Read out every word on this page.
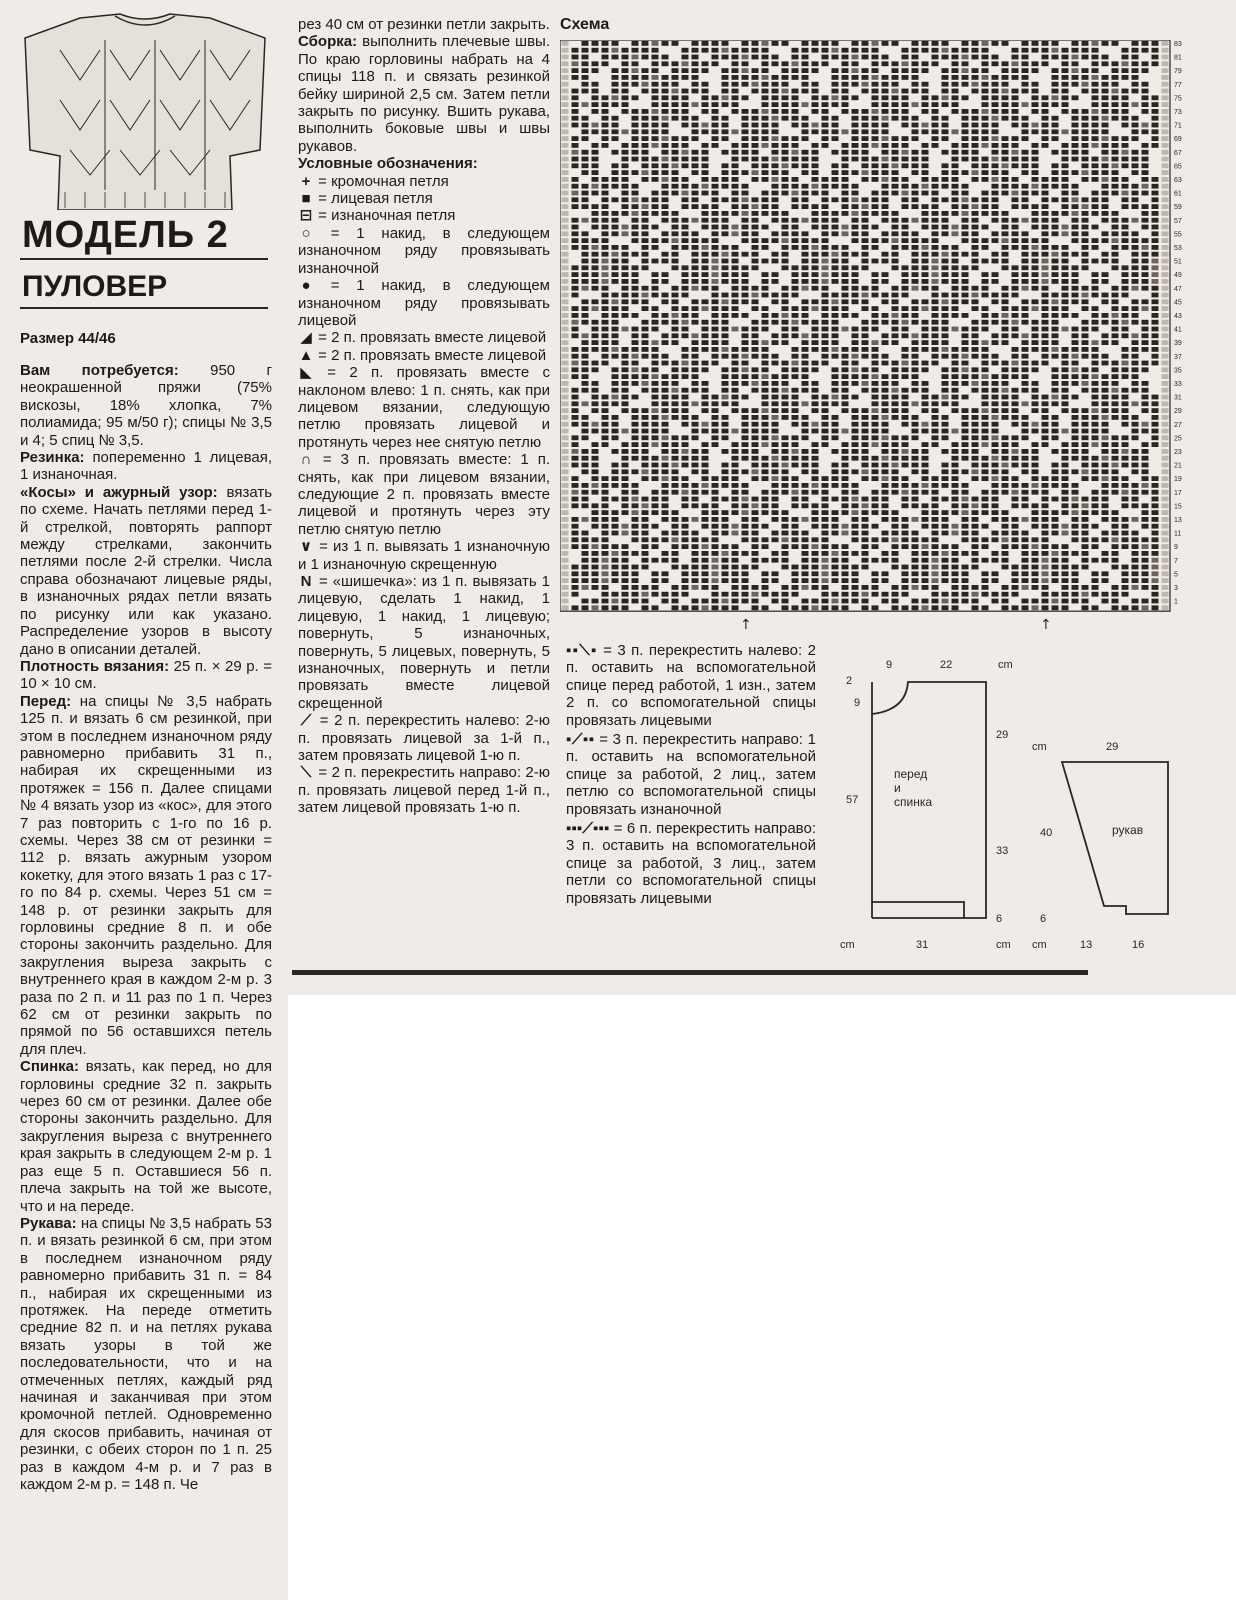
МОДЕЛЬ 2
ПУЛОВЕР
Размер 44/46

Вам потребуется: 950 г неокрашенной пряжи (75% вискозы, 18% хлопка, 7% полиамида; 95 м/50 г); спицы № 3,5 и 4; 5 спиц № 3,5.

Резинка: попеременно 1 лицевая, 1 изнаночная.

«Косы» и ажурный узор: вязать по схеме. Начать петлями перед 1-й стрелкой, повторять раппорт между стрелками, закончить петлями после 2-й стрелки. Числа справа обозначают лицевые ряды, в изнаночных рядах петли вязать по рисунку или как указано. Распределение узоров в высоту дано в описании деталей.

Плотность вязания: 25 п. × 29 р. = 10 × 10 см.

Перед: на спицы № 3,5 набрать 125 п. и вязать 6 см резинкой, при этом в последнем изнаночном ряду равномерно прибавить 31 п., набирая их скрещенными из протяжек = 156 п. Далее спицами № 4 вязать узор из «кос», для этого 7 раз повторить с 1-го по 16 р. схемы. Через 38 см от резинки = 112 р. вязать ажурным узором кокетку, для этого вязать 1 раз с 17-го по 84 р. схемы. Через 51 см = 148 р. от резинки закрыть для горловины средние 8 п. и обе стороны закончить раздельно. Для закругления выреза закрыть с внутреннего края в каждом 2-м р. 3 раза по 2 п. и 11 раз по 1 п. Через 62 см от резинки закрыть по прямой по 56 оставшихся петель для плеч.

Спинка: вязать, как перед, но для горловины средние 32 п. закрыть через 60 см от резинки. Далее обе стороны закончить раздельно. Для закругления выреза с внутреннего края закрыть в следующем 2-м р. 1 раз еще 5 п. Оставшиеся 56 п. плеча закрыть на той же высоте, что и на переде.

Рукава: на спицы № 3,5 набрать 53 п. и вязать резинкой 6 см, при этом в последнем изнаночном ряду равномерно прибавить 31 п. = 84 п., набирая их скрещенными из протяжек. На переде отметить средние 82 п. и на петлях рукава вязать узоры в той же последовательности, что и на отмеченных петлях, каждый ряд начиная и заканчивая при этом кромочной петлей. Одновременно для скосов прибавить, начиная от резинки, с обеих сторон по 1 п. 25 раз в каждом 4-м р. и 7 раз в каждом 2-м р. = 148 п. Че

рез 40 см от резинки петли закрыть.

Сборка: выполнить плечевые швы. По краю горловины набрать на 4 спицы 118 п. и связать резинкой бейку шириной 2,5 см. Затем петли закрыть по рисунку. Вшить рукава, выполнить боковые швы и швы рукавов.

Условные обозначения:

+ = кромочная петля

■ = лицевая петля

⊟ = изнаночная петля

○ = 1 накид, в следующем изнаночном ряду провязывать изнаночной

● = 1 накид, в следующем изнаночном ряду провязывать лицевой

◢ = 2 п. провязать вместе лицевой

▲ = 2 п. провязать вместе лицевой

◣ = 2 п. провязать вместе с наклоном влево: 1 п. снять, как при лицевом вязании, следующую петлю провязать лицевой и протянуть через нее снятую петлю

∩ = 3 п. провязать вместе: 1 п. снять, как при лицевом вязании, следующие 2 п. провязать вместе лицевой и протянуть через эту петлю снятую петлю

∨ = из 1 п. вывязать 1 изнаночную и 1 изнаночную скрещенную

N = «шишечка»: из 1 п. вывязать 1 лицевую, сделать 1 накид, 1 лицевую, 1 накид, 1 лицевую; повернуть, 5 изнаночных, повернуть, 5 лицевых, повернуть, 5 изнаночных, повернуть и петли провязать вместе лицевой скрещенной

⟋ = 2 п. перекрестить налево: 2-ю п. провязать лицевой за 1-й п., затем провязать лицевой 1-ю п.

⟍ = 2 п. перекрестить направо: 2-ю п. провязать лицевой перед 1-й п., затем лицевой провязать 1-ю п.

Схема
83
81
79
77
75
73
71
69
67
65
63
61
59
57
55
53
51
49
47
45
43
41
39
37
35
33
31
29
27
25
23
21
19
17
15
13
11
9
7
5
3
1
↑	↑

▪▪⟍▪ = 3 п. перекрестить налево: 2 п. оставить на вспомогательной спице перед работой, 1 изн., затем 2 п. со вспомогательной спицы провязать лицевыми

▪⟋▪▪ = 3 п. перекрестить направо: 1 п. оставить на вспомогательной спице за работой, 2 лиц., затем петлю со вспомогательной спицы провязать изнаночной

▪▪▪⟋▪▪▪ = 6 п. перекрестить направо: 3 п. оставить на вспомогательной спице за работой, 3 лиц., затем петли со вспомогательной спицы провязать лицевыми

9	22	cm
2
9
57
29
33
6
31
cm	cm
перед
и
спинка
рукав
29
cm
40
6
13	16
cm
